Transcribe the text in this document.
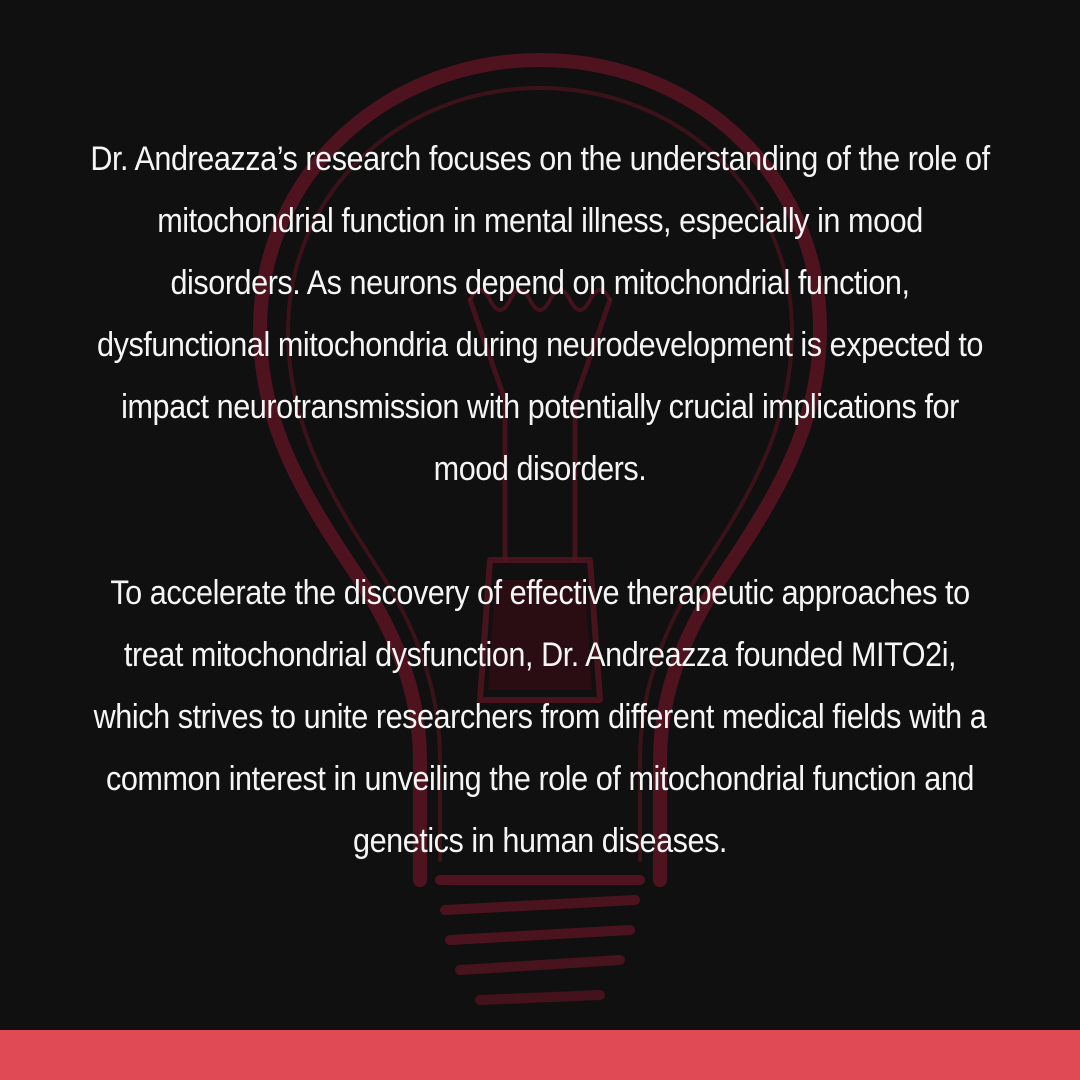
Dr. Andreazza’s research focuses on the understanding of the role of mitochondrial function in mental illness, especially in mood disorders. As neurons depend on mitochondrial function, dysfunctional mitochondria during neurodevelopment is expected to impact neurotransmission with potentially crucial implications for mood disorders.

To accelerate the discovery of effective therapeutic approaches to treat mitochondrial dysfunction, Dr. Andreazza founded MITO2i, which strives to unite researchers from different medical fields with a common interest in unveiling the role of mitochondrial function and genetics in human diseases.
